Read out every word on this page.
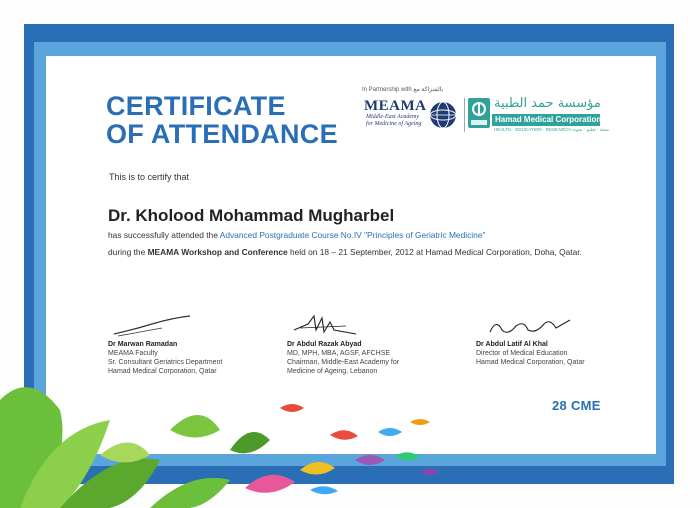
CERTIFICATE
OF ATTENDANCE
In Partnership with بالشراكة مع
MEAMA
Middle-East Academy
for Medicine of Ageing
مؤسسة حمد الطبية
Hamad Medical Corporation
HEALTH · EDUCATION · RESEARCH صحة · تعليم · بحوث
This is to certify that
Dr. Kholood Mohammad Mugharbel
has successfully attended the Advanced Postgraduate Course No.IV "Principles of Geriatric Medicine"
during the MEAMA Workshop and Conference held on 18 – 21 September, 2012 at Hamad Medical Corporation, Doha, Qatar.
Dr Marwan Ramadan
MEAMA Faculty
Sr. Consultant Geriatrics Department
Hamad Medical Corporation, Qatar
Dr Abdul Razak Abyad
MD, MPH, MBA, AGSF, AFCHSE
Chairman, Middle-East Academy for
Medicine of Ageing, Lebanon
Dr Abdul Latif Al Khal
Director of Medical Education
Hamad Medical Corporation, Qatar
28 CME
